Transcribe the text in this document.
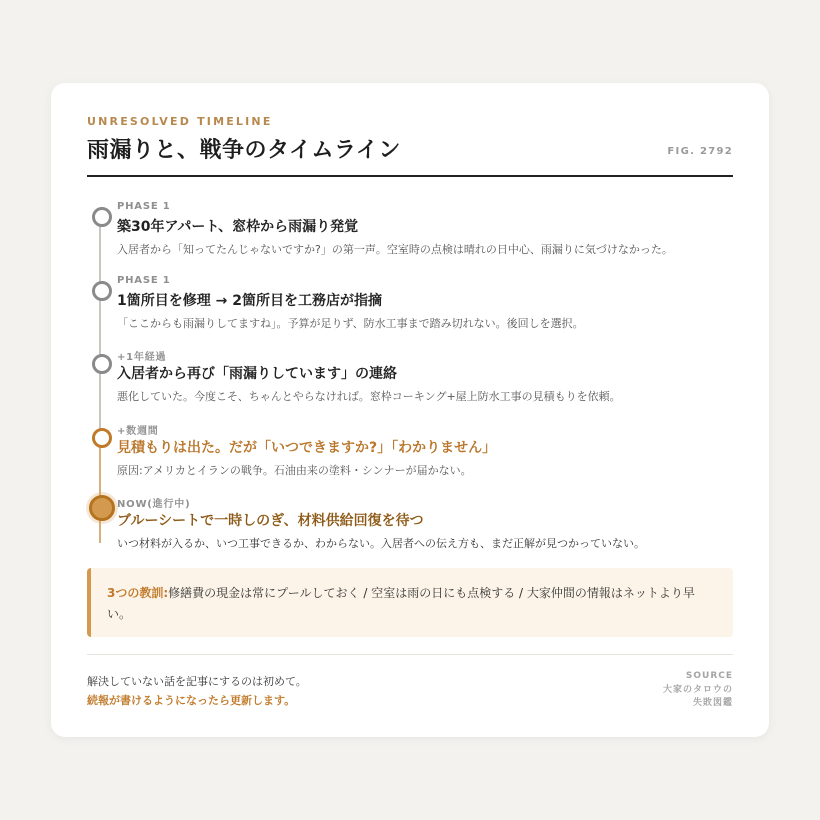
UNRESOLVED TIMELINE
雨漏りと、戦争のタイムライン	FIG. 2792
PHASE 1
築30年アパート、窓枠から雨漏り発覚
入居者から「知ってたんじゃないですか?」の第一声。空室時の点検は晴れの日中心、雨漏りに気づけなかった。
PHASE 1
1箇所目を修理 → 2箇所目を工務店が指摘
「ここからも雨漏りしてますね」。予算が足りず、防水工事まで踏み切れない。後回しを選択。
+1年経過
入居者から再び「雨漏りしています」の連絡
悪化していた。今度こそ、ちゃんとやらなければ。窓枠コーキング+屋上防水工事の見積もりを依頼。
+数週間
見積もりは出た。だが「いつできますか?」「わかりません」
原因:アメリカとイランの戦争。石油由来の塗料・シンナーが届かない。
NOW(進行中)
ブルーシートで一時しのぎ、材料供給回復を待つ
いつ材料が入るか、いつ工事できるか、わからない。入居者への伝え方も、まだ正解が見つかっていない。
3つの教訓:修繕費の現金は常にプールしておく / 空室は雨の日にも点検する / 大家仲間の情報はネットより早い。
解決していない話を記事にするのは初めて。
続報が書けるようになったら更新します。
SOURCE
大家のタロウの
失敗図鑑
